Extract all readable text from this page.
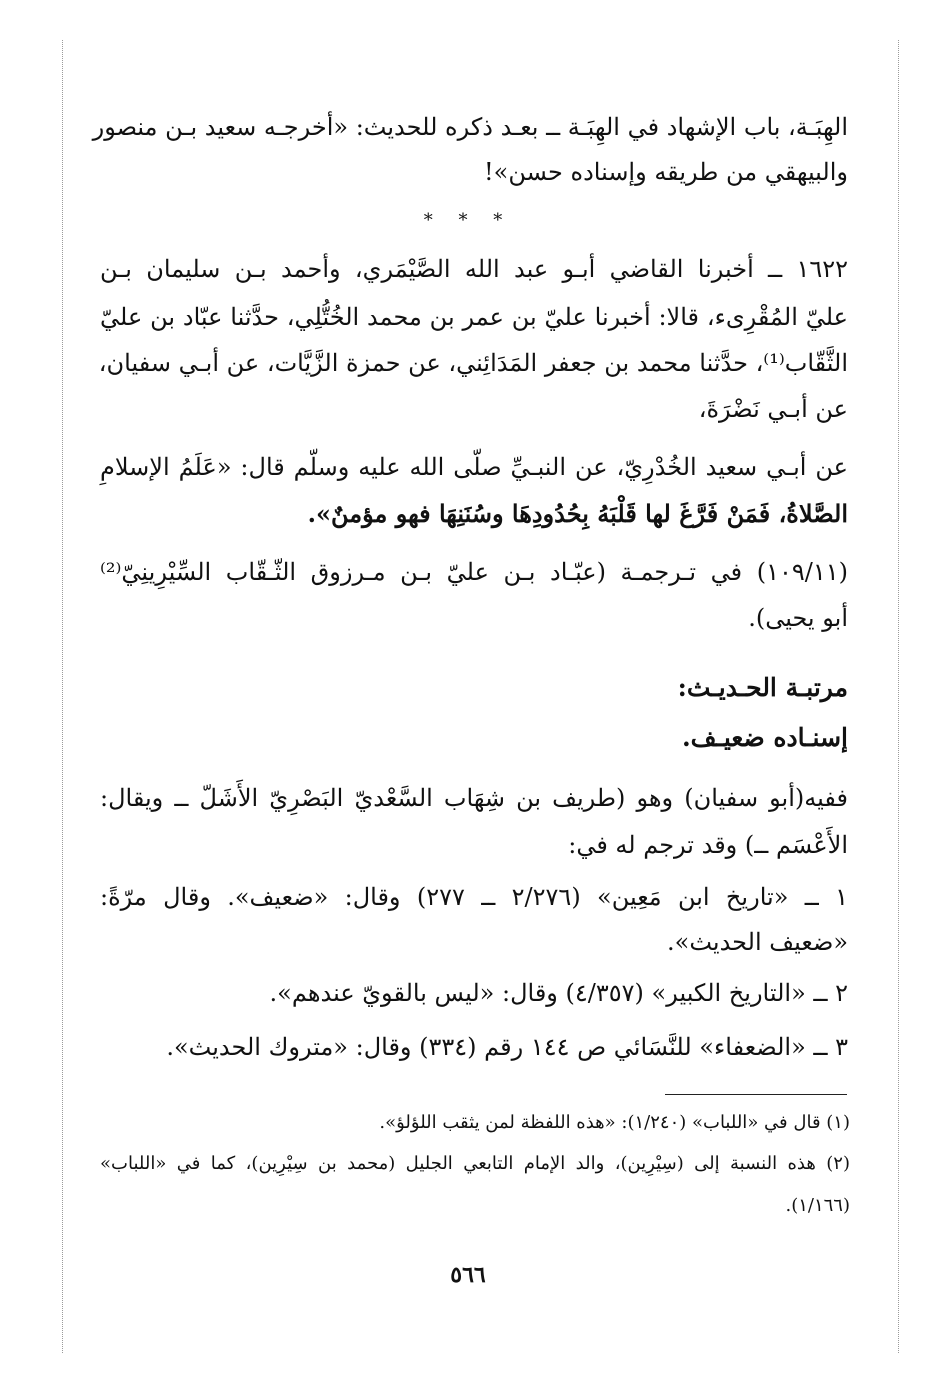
الهِبَـة، باب الإشهاد في الهِبَـة ــ بعـد ذكره للحديث: «أخرجـه سعيد بـن منصور
والبيهقي من طريقه وإسناده حسن»!
* * *
١٦٢٢ ــ أخبرنا القاضي أبـو عبد الله الصَّيْمَري، وأحمد بـن سليمان بـن
عليّ المُقْرِىء، قالا: أخبرنا عليّ بن عمر بن محمد الخُتُّلِي، حدَّثنا عبّاد بن عليّ
الثَّقّاب⁽¹⁾، حدَّثنا محمد بن جعفر المَدَائِني، عن حمزة الزَّيَّات، عن أبـي سفيان،
عن أبـي نَضْرَةَ،
عن أبـي سعيد الخُدْرِيّ، عن النبـيِّ صلّى الله عليه وسلّم قال: «عَلَمُ الإسلامِ
الصَّلاةُ، فَمَنْ فَرَّغَ لها قَلْبَهُ بِحُدُودِهَا وسُنَنِهَا فهو مؤمنٌ».
(١٠٩/١١) في تـرجمـة (عبّـاد بـن عليّ بـن مـرزوق الثّـقّاب السِّيْرِينِيّ⁽²⁾
أبو يحيى).
مرتبـة الحـديـث:
إسنـاده ضعيـف.
ففيه(أبو سفيان) وهو (طريف بن شِهَاب السَّعْديّ البَصْرِيّ الأَشَلّ ــ ويقال:
الأَعْسَم ــ) وقد ترجم له في:
١ ــ «تاريخ ابن مَعِين» (٢/٢٧٦ ــ ٢٧٧) وقال: «ضعيف». وقال مرّةً:
«ضعيف الحديث».
٢ ــ «التاريخ الكبير» (٤/٣٥٧) وقال: «ليس بالقويّ عندهم».
٣ ــ «الضعفاء» للنَّسَائي ص ١٤٤ رقم (٣٣٤) وقال: «متروك الحديث».
(١) قال في «اللباب» (١/٢٤٠): «هذه اللفظة لمن يثقب اللؤلؤ».
(٢) هذه النسبة إلى (سِيْرِين)، والد الإمام التابعي الجليل (محمد بن سِيْرِين)، كما في «اللباب»
(١/١٦٦).
٥٦٦
